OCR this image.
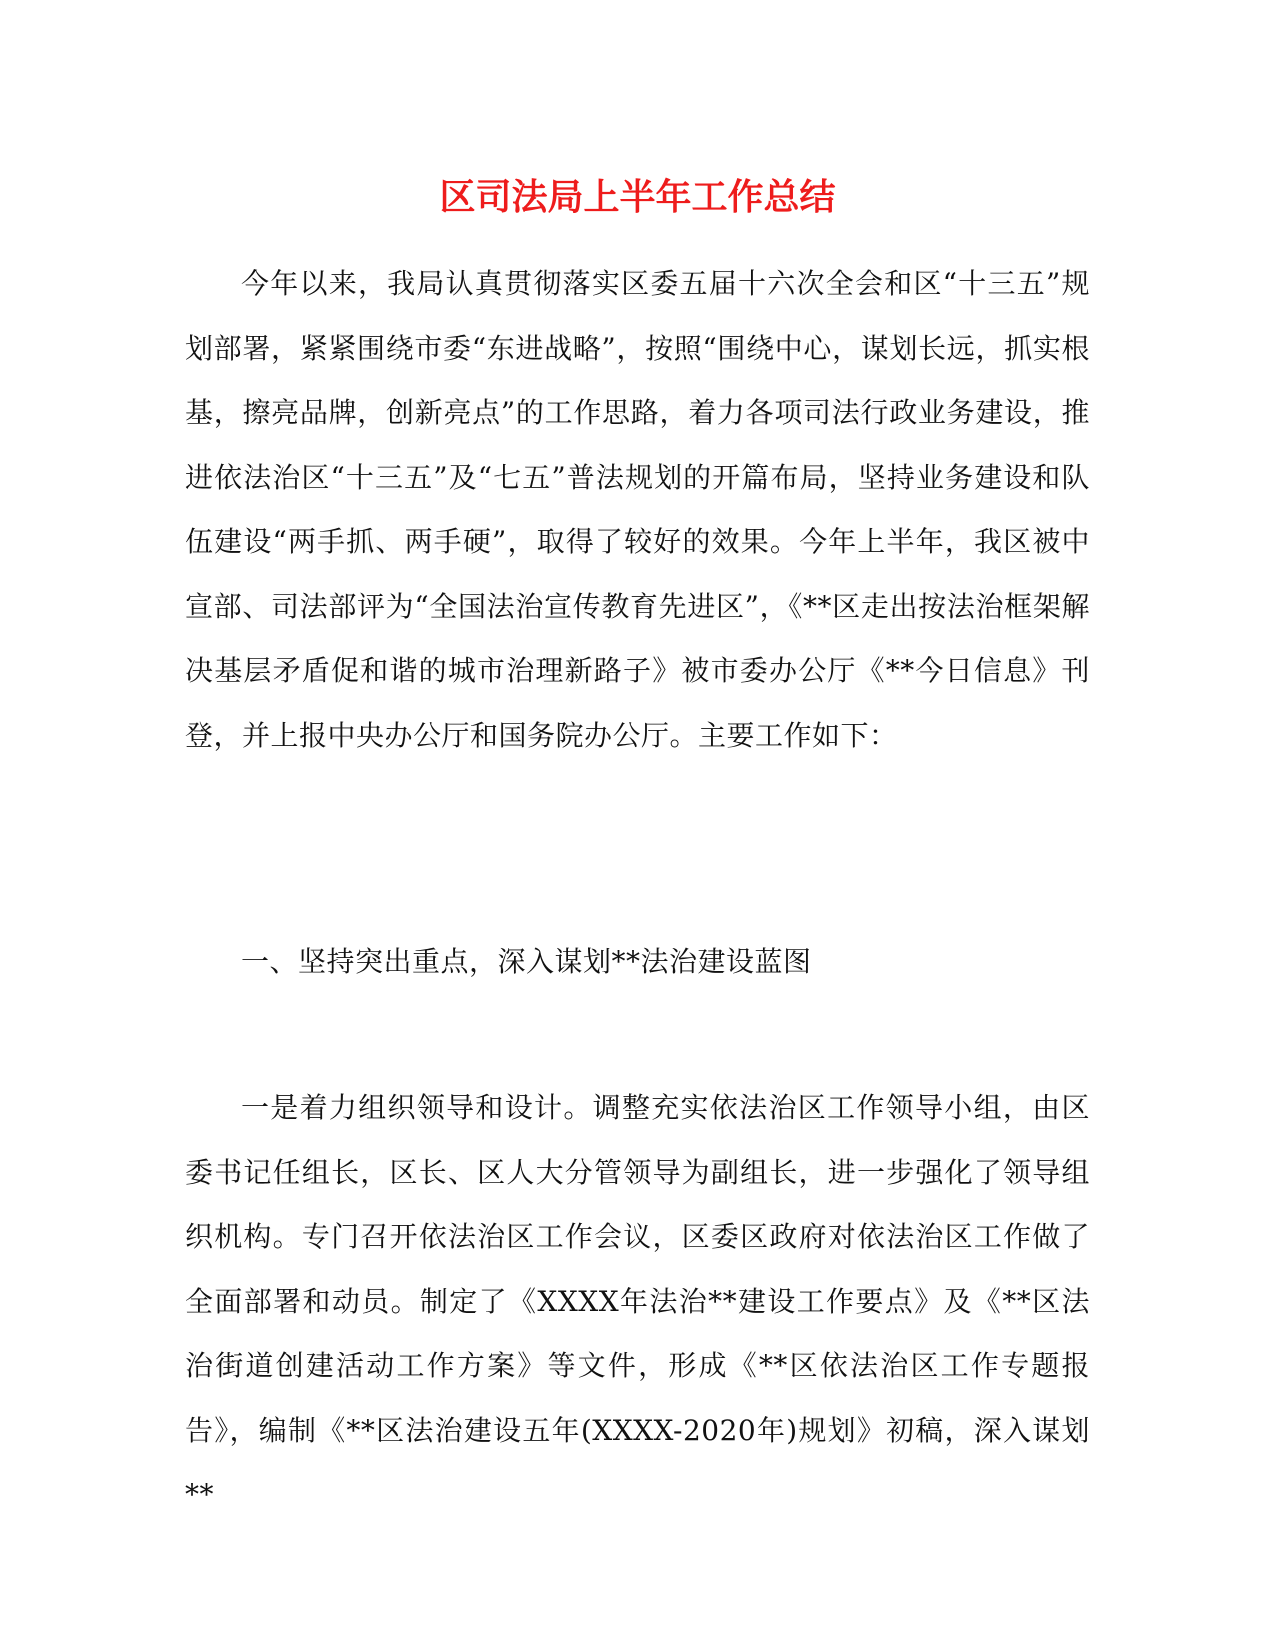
区司法局上半年工作总结

今年以来，我局认真贯彻落实区委五届十六次全会和区“十三五”规划部署，紧紧围绕市委“东进战略”，按照“围绕中心，谋划长远，抓实根基，擦亮品牌，创新亮点”的工作思路，着力各项司法行政业务建设，推进依法治区“十三五”及“七五”普法规划的开篇布局，坚持业务建设和队伍建设“两手抓、两手硬”，取得了较好的效果。今年上半年，我区被中宣部、司法部评为“全国法治宣传教育先进区”，《**区走出按法治框架解决基层矛盾促和谐的城市治理新路子》被市委办公厅《**今日信息》刊登，并上报中央办公厅和国务院办公厅。主要工作如下：

一、坚持突出重点，深入谋划**法治建设蓝图

一是着力组织领导和设计。调整充实依法治区工作领导小组，由区委书记任组长，区长、区人大分管领导为副组长，进一步强化了领导组织机构。专门召开依法治区工作会议，区委区政府对依法治区工作做了全面部署和动员。制定了《XXXX年法治**建设工作要点》及《**区法治街道创建活动工作方案》等文件，形成《**区依法治区工作专题报告》，编制《**区法治建设五年(XXXX-2020年)规划》初稿，深入谋划**
